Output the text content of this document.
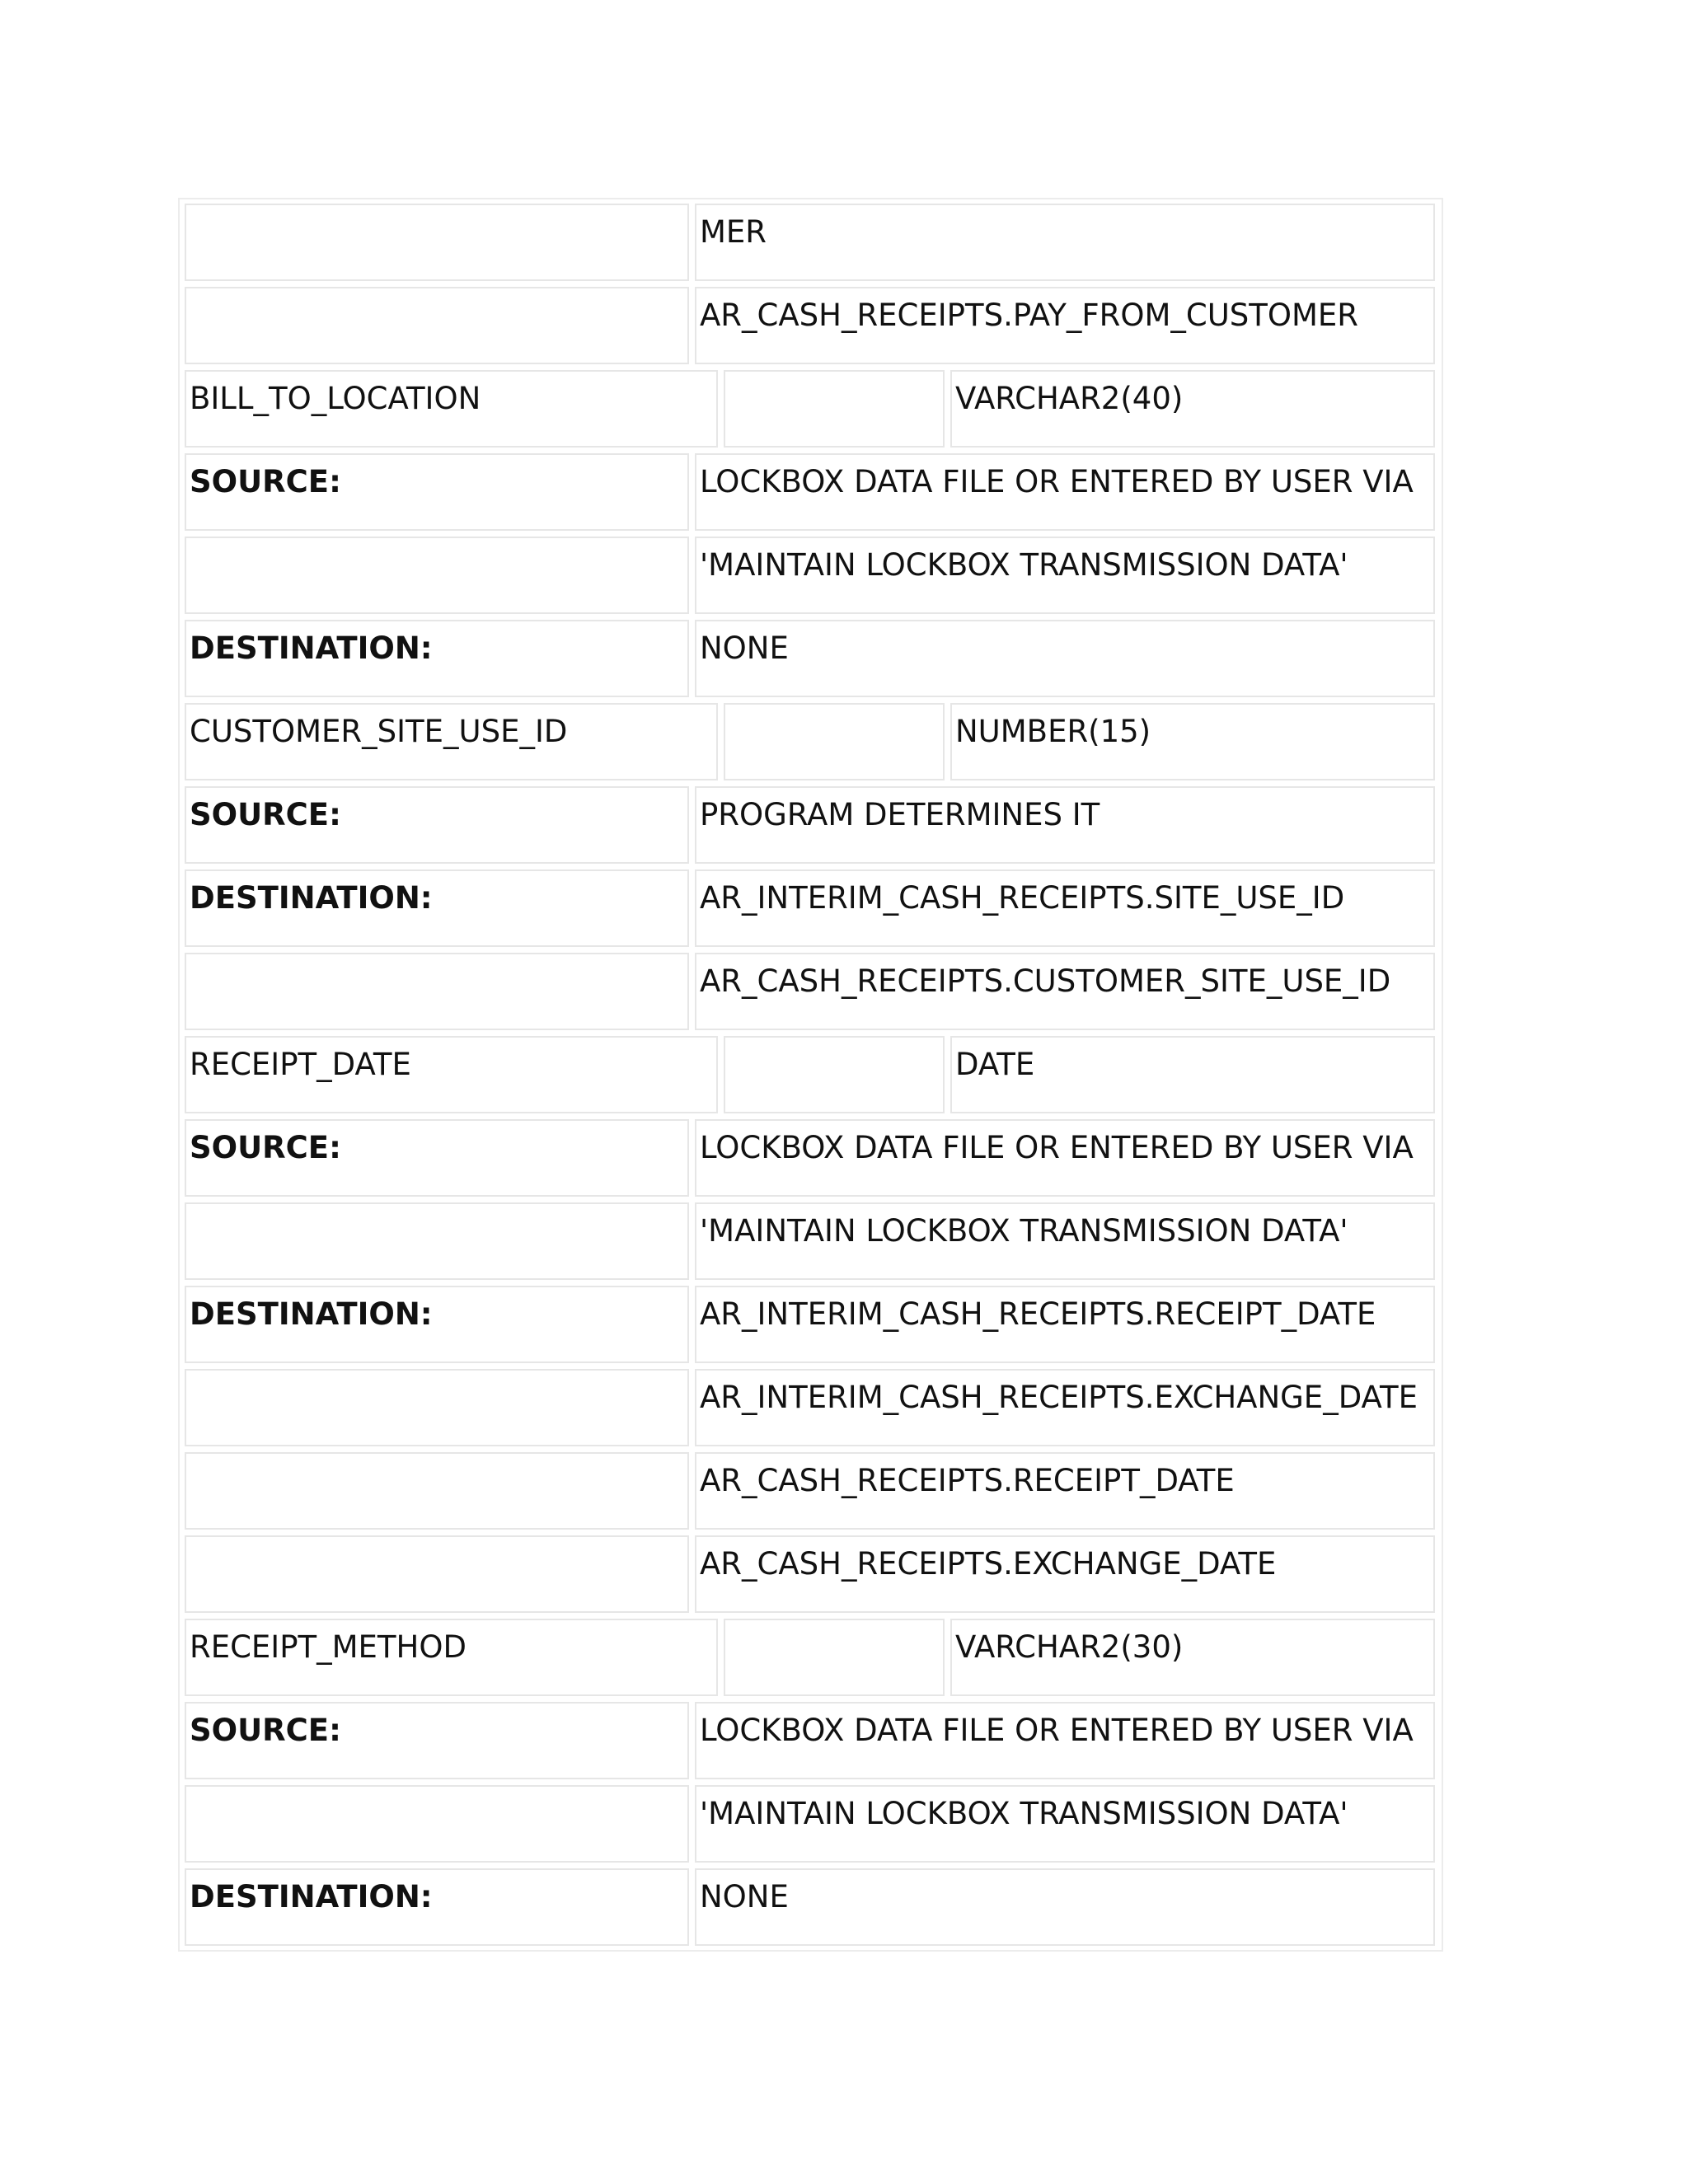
MER
AR_CASH_RECEIPTS.PAY_FROM_CUSTOMER
BILL_TO_LOCATION	VARCHAR2(40)
SOURCE:	LOCKBOX DATA FILE OR ENTERED BY USER VIA
'MAINTAIN LOCKBOX TRANSMISSION DATA'
DESTINATION:	NONE
CUSTOMER_SITE_USE_ID	NUMBER(15)
SOURCE:	PROGRAM DETERMINES IT
DESTINATION:	AR_INTERIM_CASH_RECEIPTS.SITE_USE_ID
AR_CASH_RECEIPTS.CUSTOMER_SITE_USE_ID
RECEIPT_DATE	DATE
SOURCE:	LOCKBOX DATA FILE OR ENTERED BY USER VIA
'MAINTAIN LOCKBOX TRANSMISSION DATA'
DESTINATION:	AR_INTERIM_CASH_RECEIPTS.RECEIPT_DATE
AR_INTERIM_CASH_RECEIPTS.EXCHANGE_DATE
AR_CASH_RECEIPTS.RECEIPT_DATE
AR_CASH_RECEIPTS.EXCHANGE_DATE
RECEIPT_METHOD	VARCHAR2(30)
SOURCE:	LOCKBOX DATA FILE OR ENTERED BY USER VIA
'MAINTAIN LOCKBOX TRANSMISSION DATA'
DESTINATION:	NONE
